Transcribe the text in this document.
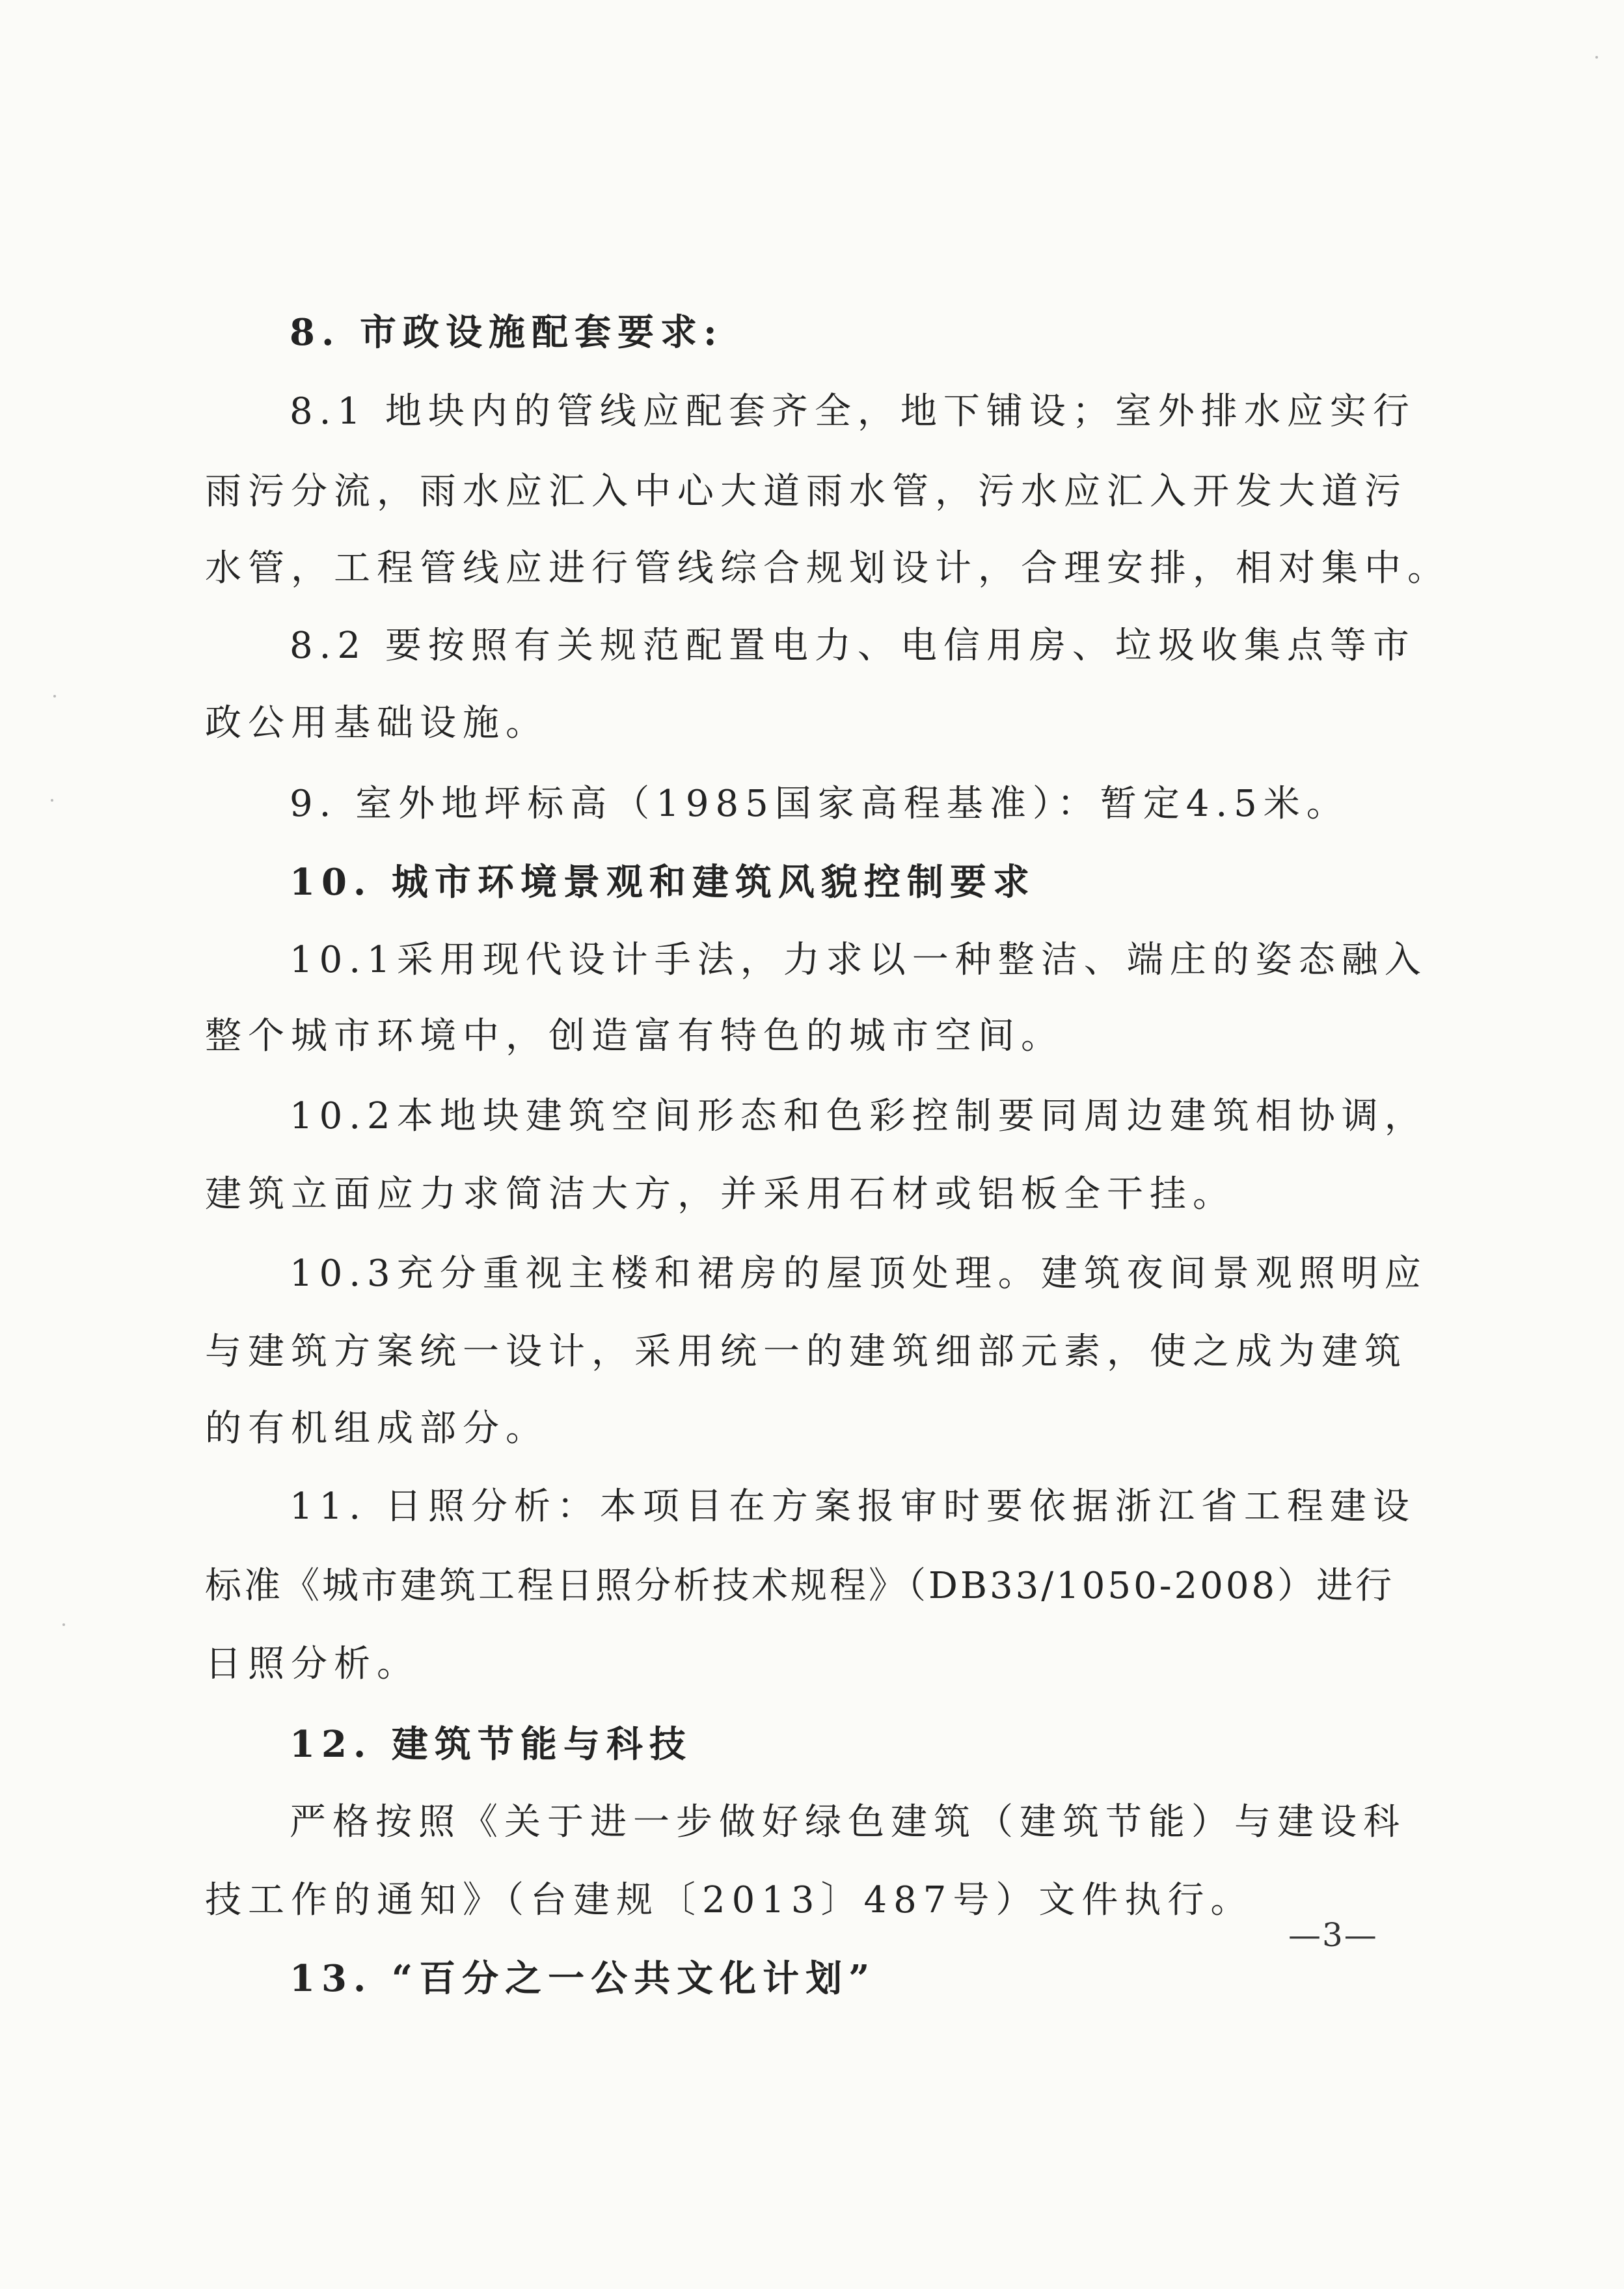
8. 市政设施配套要求:
8.1 地块内的管线应配套齐全，地下铺设；室外排水应实行
雨污分流，雨水应汇入中心大道雨水管，污水应汇入开发大道污
水管，工程管线应进行管线综合规划设计，合理安排，相对集中。
8.2 要按照有关规范配置电力、电信用房、垃圾收集点等市
政公用基础设施。
9. 室外地坪标高（1985国家高程基准）：暂定4.5米。
10. 城市环境景观和建筑风貌控制要求
10.1采用现代设计手法，力求以一种整洁、端庄的姿态融入
整个城市环境中，创造富有特色的城市空间。
10.2本地块建筑空间形态和色彩控制要同周边建筑相协调，
建筑立面应力求简洁大方，并采用石材或铝板全干挂。
10.3充分重视主楼和裙房的屋顶处理。建筑夜间景观照明应
与建筑方案统一设计，采用统一的建筑细部元素，使之成为建筑
的有机组成部分。
11. 日照分析：本项目在方案报审时要依据浙江省工程建设
标准《城市建筑工程日照分析技术规程》（DB33/1050-2008）进行
日照分析。
12. 建筑节能与科技
严格按照《关于进一步做好绿色建筑（建筑节能）与建设科
技工作的通知》（台建规〔2013〕487号）文件执行。
13. “百分之一公共文化计划”
—3—
